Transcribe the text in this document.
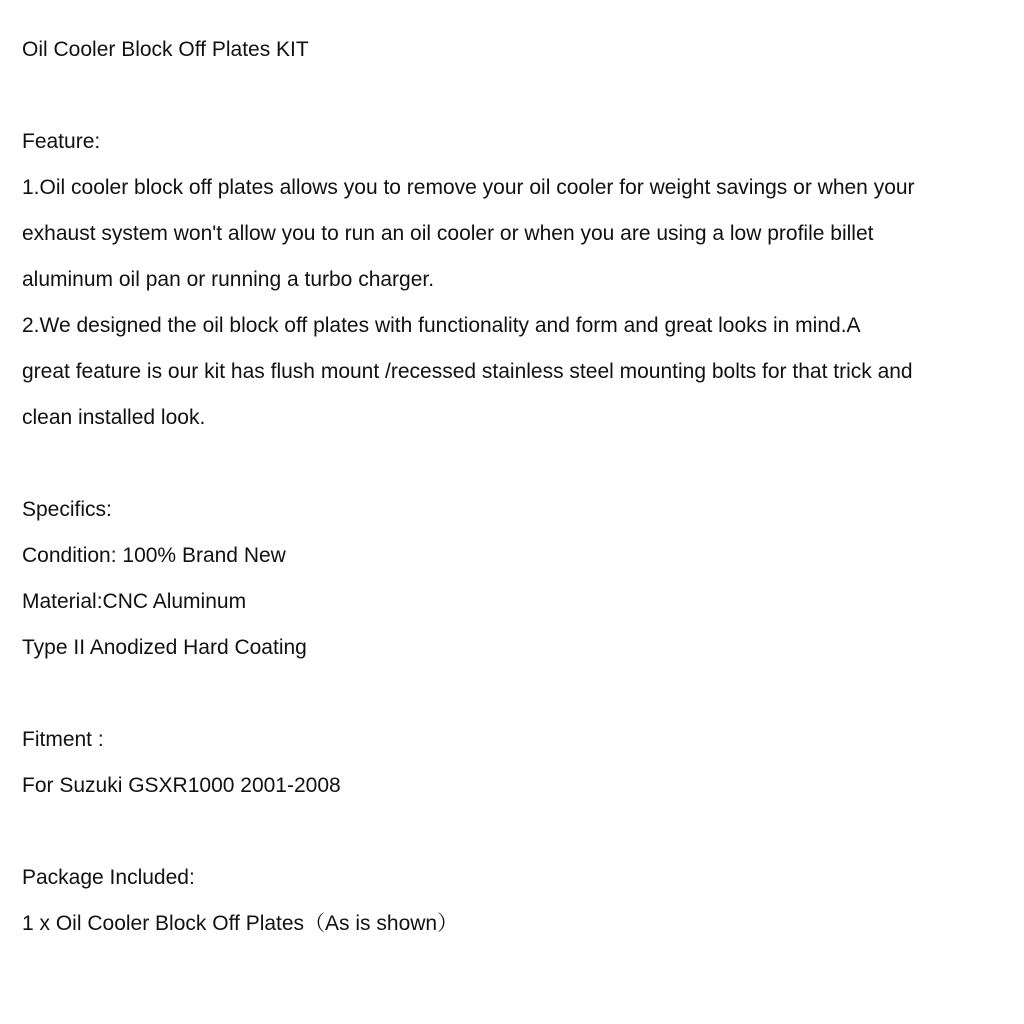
Oil Cooler Block Off Plates KIT
Feature:
1.Oil cooler block off plates allows you to remove your oil cooler for weight savings or when your
exhaust system won't allow you to run an oil cooler or when you are using a low profile billet
aluminum oil pan or running a turbo charger.
2.We designed the oil block off plates with functionality and form and great looks in mind.A
great feature is our kit has flush mount /recessed stainless steel mounting bolts for that trick and
clean installed look.
Specifics:
Condition: 100% Brand New
Material:CNC Aluminum
Type II Anodized Hard Coating
Fitment :
For Suzuki GSXR1000 2001-2008
Package Included:
1 x Oil Cooler Block Off Plates（As is shown）
